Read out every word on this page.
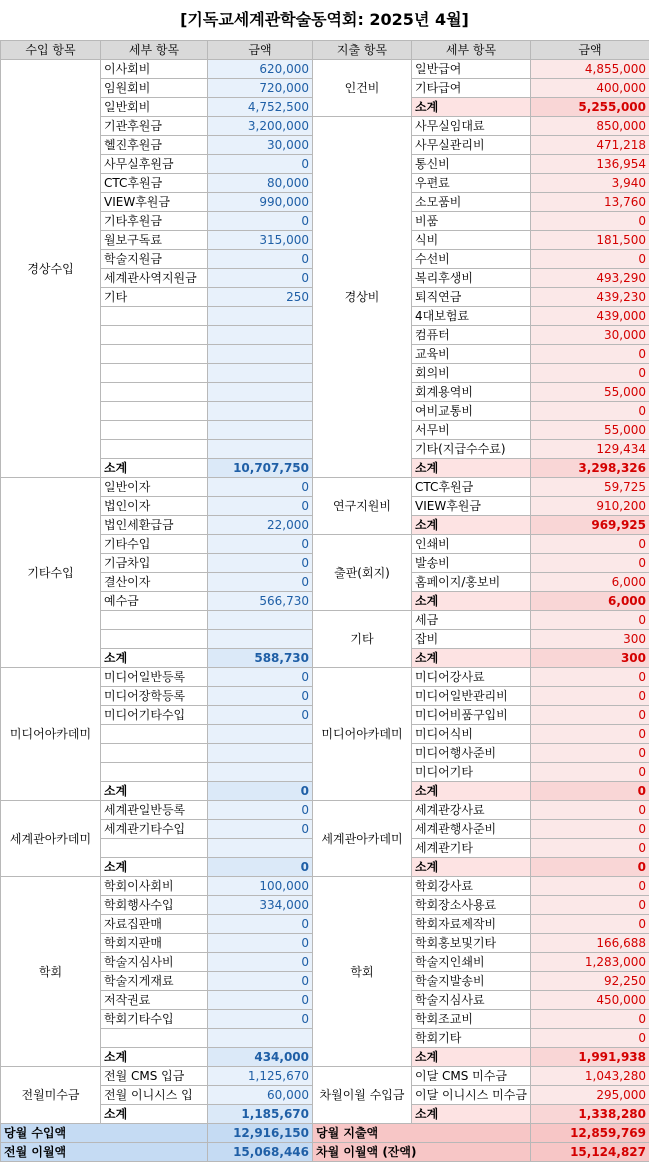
[기독교세계관학술동역회: 2025년 4월]
수입 항목	세부 항목	금액	지출 항목	세부 항목	금액
경상수입	이사회비	620,000	인건비	일반급여	4,855,000
	임원회비	720,000		기타급여	400,000
	일반회비	4,752,500		소계	5,255,000
	기관후원금	3,200,000	경상비	사무실임대료	850,000
	헬진후원금	30,000		사무실관리비	471,218
	사무실후원금	0		통신비	136,954
	CTC후원금	80,000		우편료	3,940
	VIEW후원금	990,000		소모품비	13,760
	기타후원금	0		비품	0
	월보구독료	315,000		식비	181,500
	학술지원금	0		수선비	0
	세계관사역지원금	0		복리후생비	493,290
	기타	250		퇴직연금	439,230
				4대보험료	439,000
				컴퓨터	30,000
				교육비	0
				회의비	0
				회계용역비	55,000
				여비교통비	0
				서무비	55,000
				기타(지급수수료)	129,434
	소계	10,707,750		소계	3,298,326
기타수입	일반이자	0	연구지원비	CTC후원금	59,725
	법인이자	0		VIEW후원금	910,200
	법인세환급금	22,000		소계	969,925
	기타수입	0	출판(회지)	인쇄비	0
	기금차입	0		발송비	0
	결산이자	0		홈페이지/홍보비	6,000
	예수금	566,730		소계	6,000
			기타	세금	0
				잡비	300
	소계	588,730		소계	300
미디어아카데미	미디어일반등록	0	미디어아카데미	미디어강사료	0
	미디어장학등록	0		미디어일반관리비	0
	미디어기타수입	0		미디어비품구입비	0
				미디어식비	0
				미디어행사준비	0
				미디어기타	0
	소계	0		소계	0
세계관아카데미	세계관일반등록	0	세계관아카데미	세계관강사료	0
	세계관기타수입	0		세계관행사준비	0
				세계관기타	0
	소계	0		소계	0
학회	학회이사회비	100,000	학회	학회강사료	0
	학회행사수입	334,000		학회장소사용료	0
	자료집판매	0		학회자료제작비	0
	학회지판매	0		학회홍보및기타	166,688
	학술지심사비	0		학술지인쇄비	1,283,000
	학술지게재료	0		학술지발송비	92,250
	저작권료	0		학술지심사료	450,000
	학회기타수입	0		학회조교비	0
				학회기타	0
	소계	434,000		소계	1,991,938
전월미수금	전월 CMS 입금	1,125,670	차월이월 수입금	이달 CMS 미수금	1,043,280
	전월 이니시스 입	60,000		이달 이니시스 미수금	295,000
	소계	1,185,670		소계	1,338,280
당월 수입액		12,916,150	당월 지출액		12,859,769
전월 이월액		15,068,446	차월 이월액 (잔액)		15,124,827
